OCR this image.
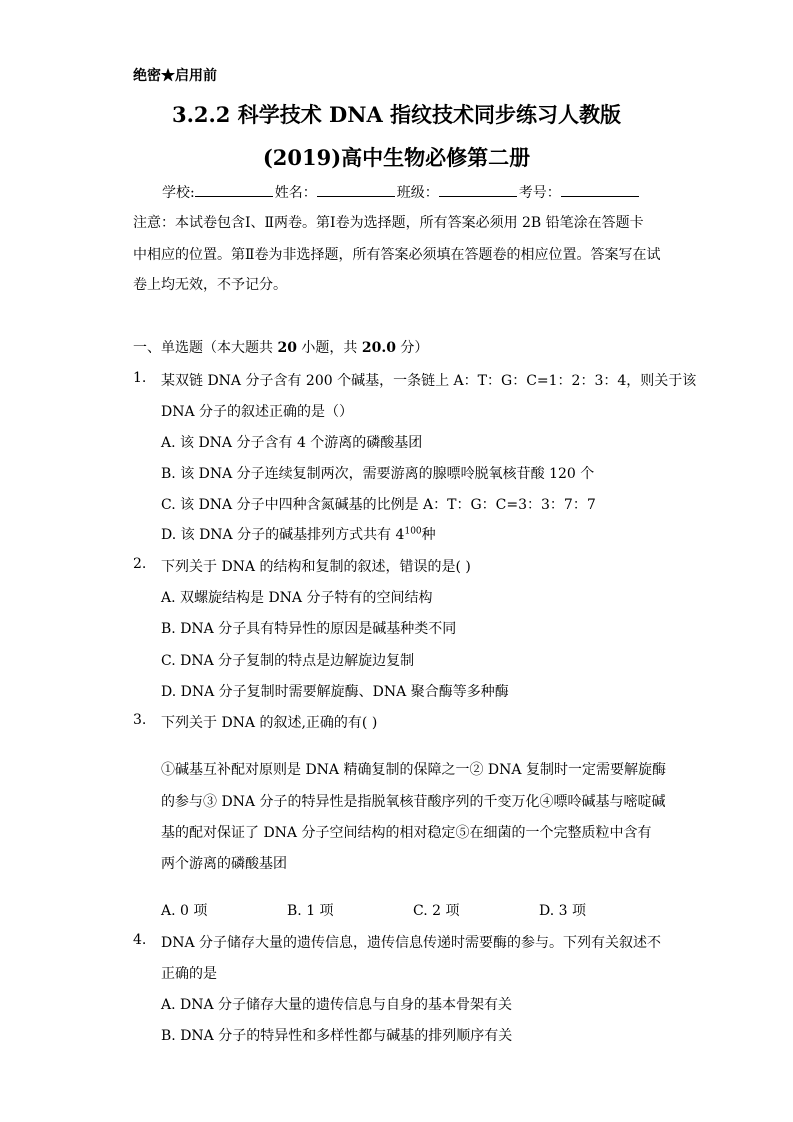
绝密★启用前
3.2.2 科学技术 DNA 指纹技术同步练习人教版
(2019)高中生物必修第二册
学校:	姓名：	班级：	考号：
注意：本试卷包含Ⅰ、Ⅱ两卷。第Ⅰ卷为选择题，所有答案必须用 2B 铅笔涂在答题卡
中相应的位置。第Ⅱ卷为非选择题，所有答案必须填在答题卷的相应位置。答案写在试
卷上均无效，不予记分。
一、单选题（本大题共 20 小题，共 20.0 分）
1. 某双链 DNA 分子含有 200 个碱基，一条链上 A：T：G：C=1：2：3：4，则关于该
DNA 分子的叙述正确的是（）
A. 该 DNA 分子含有 4 个游离的磷酸基团
B. 该 DNA 分子连续复制两次，需要游离的腺嘌呤脱氧核苷酸 120 个
C. 该 DNA 分子中四种含氮碱基的比例是 A：T：G：C=3：3：7：7
D. 该 DNA 分子的碱基排列方式共有 $4^{100}$种
2. 下列关于 DNA 的结构和复制的叙述，错误的是( )
A. 双螺旋结构是 DNA 分子特有的空间结构
B. DNA 分子具有特异性的原因是碱基种类不同
C. DNA 分子复制的特点是边解旋边复制
D. DNA 分子复制时需要解旋酶、DNA 聚合酶等多种酶
3. 下列关于 DNA 的叙述,正确的有( )
①碱基互补配对原则是 DNA 精确复制的保障之一② DNA 复制时一定需要解旋酶
的参与③ DNA 分子的特异性是指脱氧核苷酸序列的千变万化④嘌呤碱基与嘧啶碱
基的配对保证了 DNA 分子空间结构的相对稳定⑤在细菌的一个完整质粒中含有
两个游离的磷酸基团
A. 0 项	B. 1 项	C. 2 项	D. 3 项
4. DNA 分子储存大量的遗传信息，遗传信息传递时需要酶的参与。下列有关叙述不
正确的是
A. DNA 分子储存大量的遗传信息与自身的基本骨架有关
B. DNA 分子的特异性和多样性都与碱基的排列顺序有关
